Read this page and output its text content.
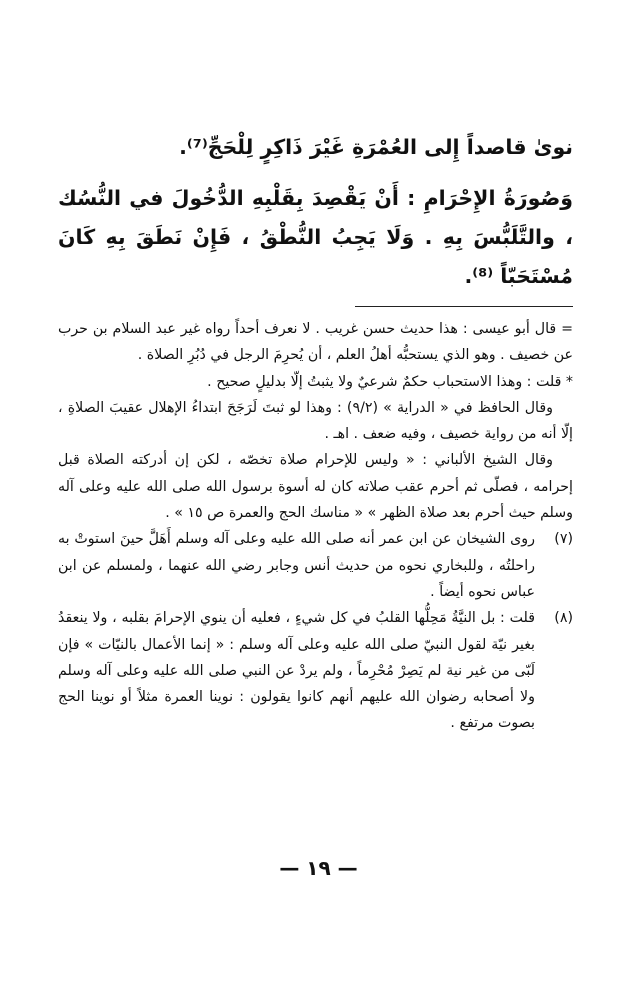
نوىٰ قاصداً إِلى العُمْرَةِ غَيْرَ ذَاكِرٍ لِلْحَجِّ⁽⁷⁾.

وَصُورَةُ الإِحْرَامِ : أَنْ يَقْصِدَ بِقَلْبِهِ الدُّخُولَ في النُّسُك ، والتَّلَبُّسَ بِهِ . وَلَا يَجِبُ النُّطْقُ ، فَإِنْ نَطَقَ بِهِ كَانَ مُسْتَحَبّاً ⁽⁸⁾.

= قال أبو عيسى : هذا حديث حسن غريب . لا نعرف أحداً رواه غير عبد السلام بن حرب عن خصيف . وهو الذي يستحبُّه أهلُ العلم ، أن يُحرِمَ الرجل في دُبُرِ الصلاة .

* قلت : وهذا الاستحباب حكمٌ شرعيٌ ولا يثبتُ إلّا بدليلٍ صحيح .

وقال الحافظ في « الدراية » (٩/٢) : وهذا لو ثبتَ لَرَجَحَ ابتداءُ الإهلال عقيبَ الصلاةِ ، إلّا أنه من رواية خصيف ، وفيه ضعف . اهـ .

وقال الشيخ الألباني : « وليس للإحرام صلاة تخصّه ، لكن إن أدركته الصلاة قبل إحرامه ، فصلّى ثم أحرم عقب صلاته كان له أسوة برسول الله صلى الله عليه وعلى آله وسلم حيث أحرم بعد صلاة الظهر » « مناسك الحج والعمرة ص ١٥ » .

(٧)

روى الشيخان عن ابن عمر أنه صلى الله عليه وعلى آله وسلم أَهَلَّ حينَ استوتْ به راحلتُه ، وللبخاري نحوه من حديث أنس وجابر رضي الله عنهما ، ولمسلم عن ابن عباس نحوه أيضاً .

(٨)

قلت : بل النيَّةُ مَحِلُّها القلبُ في كل شيءٍ ، فعليه أن ينوي الإحرامَ بقلبه ، ولا ينعقدُ بغير نيّة لقول النبيّ صلى الله عليه وعلى آله وسلم : « إنما الأعمال بالنيّات » فإن لَبّى من غير نية لم يَصِرْ مُحْرِماً ، ولم يردْ عن النبي صلى الله عليه وعلى آله وسلم ولا أصحابه رضوان الله عليهم أنهم كانوا يقولون : نوينا العمرة مثلاً أو نوينا الحج بصوت مرتفع .

— ١٩ —
